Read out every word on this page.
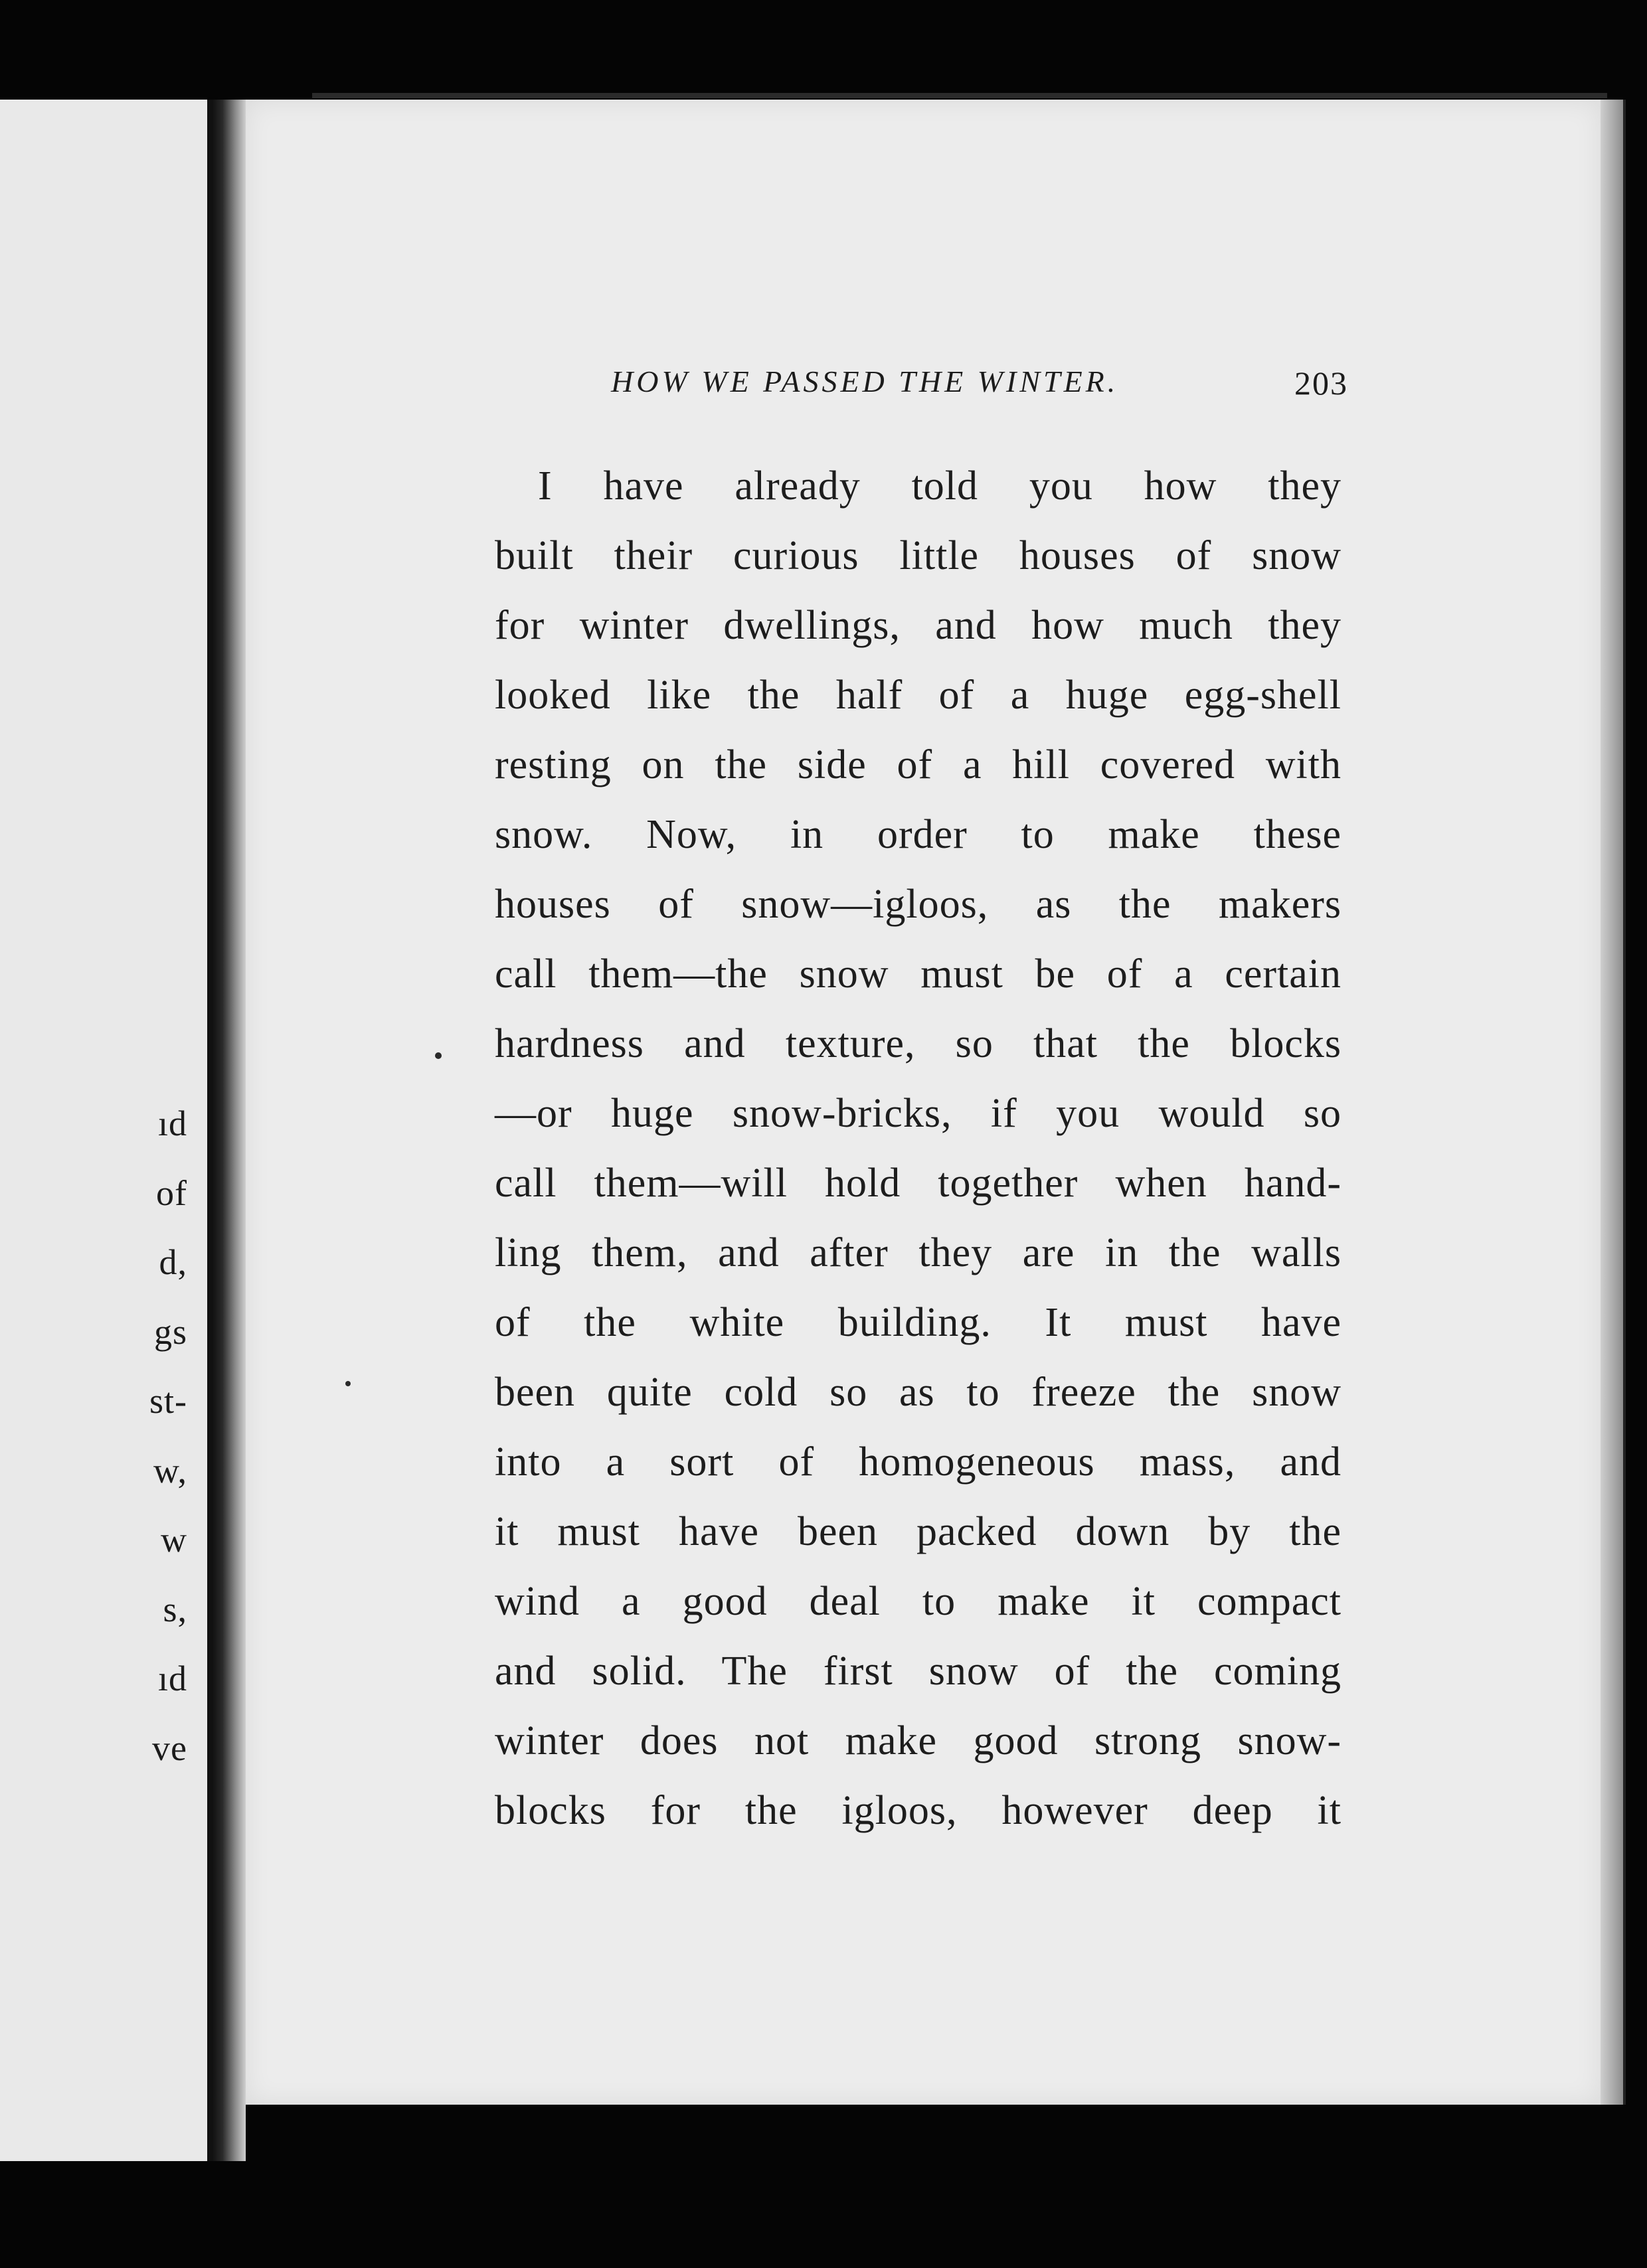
ıd
of
d,
gs
st-
w,
w
s,
ıd
ve
HOW WE PASSED THE WINTER.	203
I have already told you how they
built their curious little houses of snow
for winter dwellings, and how much they
looked like the half of a huge egg-shell
resting on the side of a hill covered with
snow. Now, in order to make these
houses of snow—igloos, as the makers
call them—the snow must be of a certain
hardness and texture, so that the blocks
—or huge snow-bricks, if you would so
call them—will hold together when hand-
ling them, and after they are in the walls
of the white building. It must have
been quite cold so as to freeze the snow
into a sort of homogeneous mass, and
it must have been packed down by the
wind a good deal to make it compact
and solid. The first snow of the coming
winter does not make good strong snow-
blocks for the igloos, however deep it
